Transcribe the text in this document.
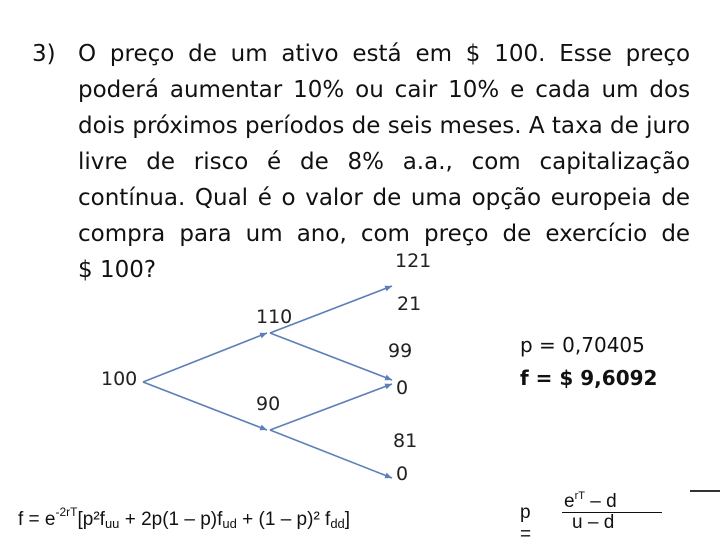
3) O preço de um ativo está em $ 100. Esse preço
poderá aumentar 10% ou cair 10% e cada um dos
dois próximos períodos de seis meses. A taxa de juro
livre de risco é de 8% a.a., com capitalização
contínua. Qual é o valor de uma opção europeia de
compra para um ano, com preço de exercício de
$ 100?
100
110
90
121
21
99
0
81
0
p = 0,70405
f = $ 9,6092
$f = e^{-2rT}[p^2f_{uu} + 2p(1 - p)f_{ud} + (1 - p)^2$ $f_{dd}$]	p =
$e^{rT}$ – d
u – d
